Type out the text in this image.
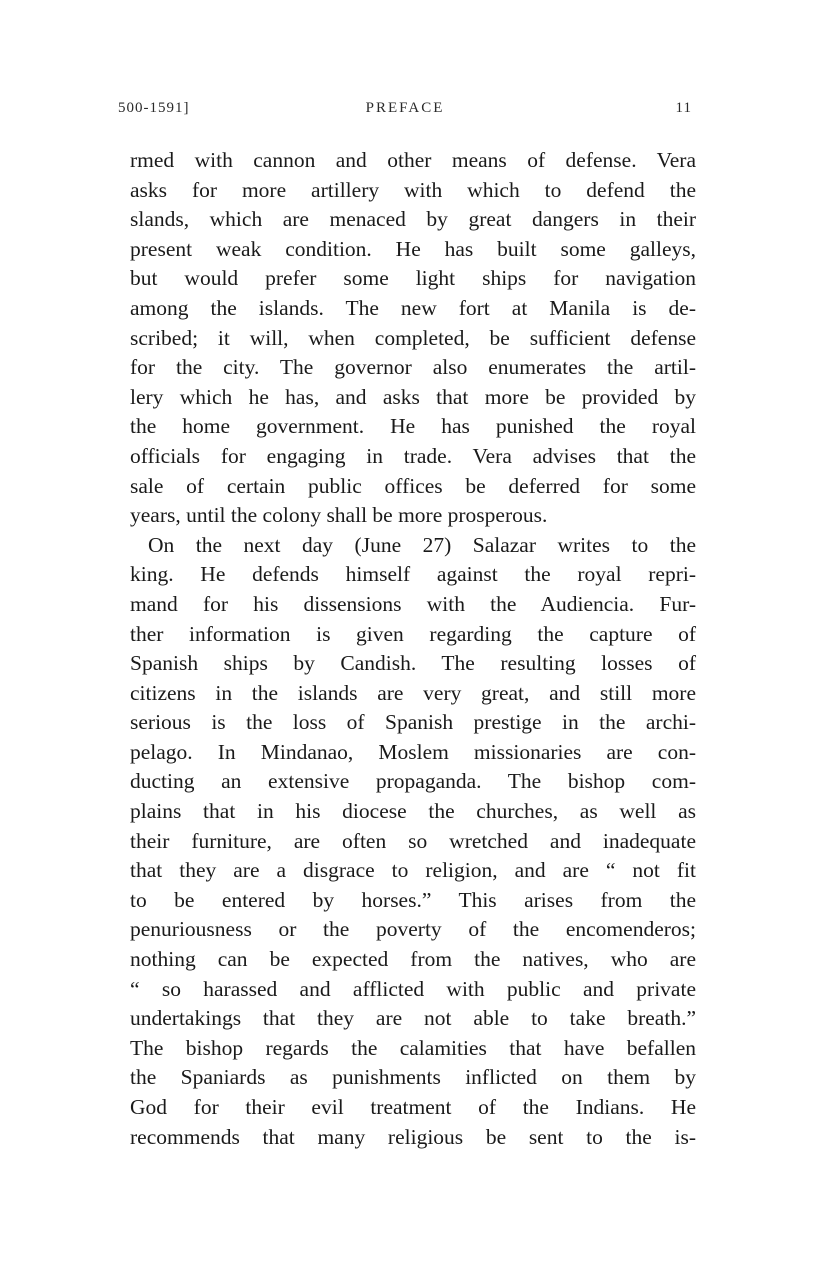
500-1591]	PREFACE	11
rmed with cannon and other means of defense. Vera
asks for more artillery with which to defend the
slands, which are menaced by great dangers in their
present weak condition. He has built some galleys,
but would prefer some light ships for navigation
among the islands. The new fort at Manila is de-
scribed; it will, when completed, be sufficient defense
for the city. The governor also enumerates the artil-
lery which he has, and asks that more be provided by
the home government. He has punished the royal
officials for engaging in trade. Vera advises that the
sale of certain public offices be deferred for some
years, until the colony shall be more prosperous.
On the next day (June 27) Salazar writes to the
king. He defends himself against the royal repri-
mand for his dissensions with the Audiencia. Fur-
ther information is given regarding the capture of
Spanish ships by Candish. The resulting losses of
citizens in the islands are very great, and still more
serious is the loss of Spanish prestige in the archi-
pelago. In Mindanao, Moslem missionaries are con-
ducting an extensive propaganda. The bishop com-
plains that in his diocese the churches, as well as
their furniture, are often so wretched and inadequate
that they are a disgrace to religion, and are “ not fit
to be entered by horses.” This arises from the
penuriousness or the poverty of the encomenderos;
nothing can be expected from the natives, who are
“ so harassed and afflicted with public and private
undertakings that they are not able to take breath.”
The bishop regards the calamities that have befallen
the Spaniards as punishments inflicted on them by
God for their evil treatment of the Indians. He
recommends that many religious be sent to the is-
